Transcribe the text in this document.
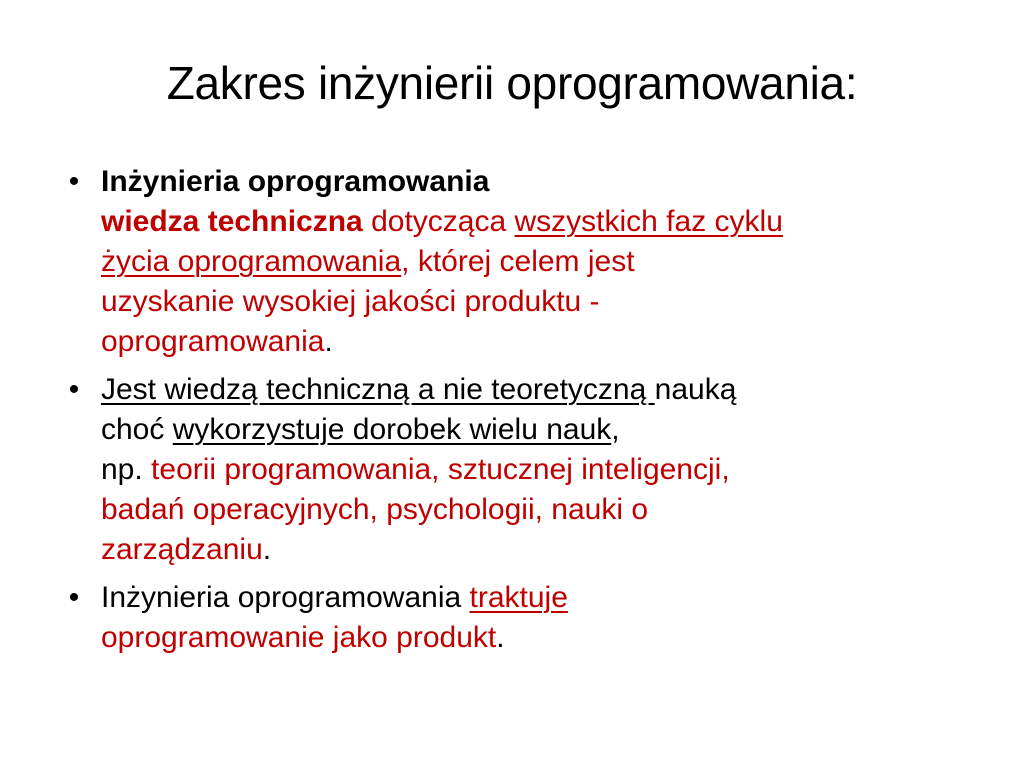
Zakres inżynierii oprogramowania:
• Inżynieria oprogramowania
wiedza techniczna dotycząca wszystkich faz cyklu
życia oprogramowania, której celem jest
uzyskanie wysokiej jakości produktu -
oprogramowania.
• Jest wiedzą techniczną a nie teoretyczną nauką
choć wykorzystuje dorobek wielu nauk,
np. teorii programowania, sztucznej inteligencji,
badań operacyjnych, psychologii, nauki o
zarządzaniu.
• Inżynieria oprogramowania traktuje
oprogramowanie jako produkt.
